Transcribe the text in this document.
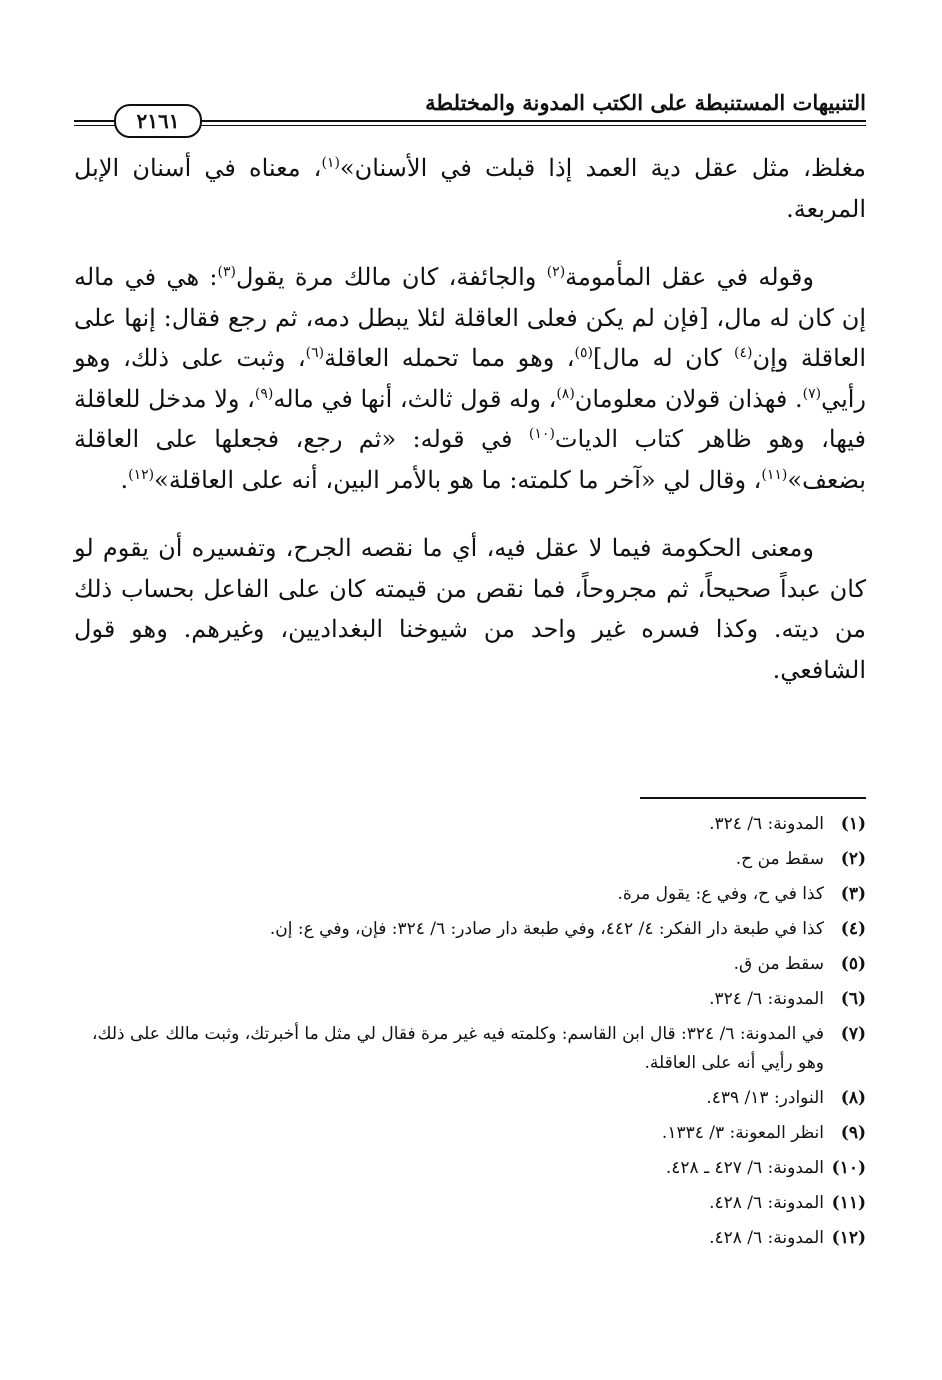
التنبيهات المستنبطة على الكتب المدونة والمختلطة
٢١٦١

مغلظ، مثل عقل دية العمد إذا قبلت في الأسنان»$^{(١)}$، معناه في أسنان الإبل المربعة.

وقوله في عقل المأمومة$^{(٢)}$ والجائفة، كان مالك مرة يقول$^{(٣)}$: هي في ماله إن كان له مال، [فإن لم يكن فعلى العاقلة لئلا يبطل دمه، ثم رجع فقال: إنها على العاقلة وإن$^{(٤)}$ كان له مال]$^{(٥)}$، وهو مما تحمله العاقلة$^{(٦)}$، وثبت على ذلك، وهو رأيي$^{(٧)}$. فهذان قولان معلومان$^{(٨)}$، وله قول ثالث، أنها في ماله$^{(٩)}$، ولا مدخل للعاقلة فيها، وهو ظاهر كتاب الديات$^{(١٠)}$ في قوله: «ثم رجع، فجعلها على العاقلة بضعف»$^{(١١)}$، وقال لي «آخر ما كلمته: ما هو بالأمر البين، أنه على العاقلة»$^{(١٢)}$.

ومعنى الحكومة فيما لا عقل فيه، أي ما نقصه الجرح، وتفسيره أن يقوم لو كان عبداً صحيحاً، ثم مجروحاً، فما نقص من قيمته كان على الفاعل بحساب ذلك من ديته. وكذا فسره غير واحد من شيوخنا البغداديين، وغيرهم. وهو قول الشافعي.

(١)
المدونة: ٦/ ٣٢٤.
(٢)
سقط من ح.
(٣)
كذا في ح، وفي ع: يقول مرة.
(٤)
كذا في طبعة دار الفكر: ٤/ ٤٤٢، وفي طبعة دار صادر: ٦/ ٣٢٤: فإن، وفي ع: إن.
(٥)
سقط من ق.
(٦)
المدونة: ٦/ ٣٢٤.
(٧)
في المدونة: ٦/ ٣٢٤: قال ابن القاسم: وكلمته فيه غير مرة فقال لي مثل ما أخبرتك، وثبت مالك على ذلك، وهو رأيي أنه على العاقلة.
(٨)
النوادر: ١٣/ ٤٣٩.
(٩)
انظر المعونة: ٣/ ١٣٣٤.
(١٠)
المدونة: ٦/ ٤٢٧ ـ ٤٢٨.
(١١)
المدونة: ٦/ ٤٢٨.
(١٢)
المدونة: ٦/ ٤٢٨.
